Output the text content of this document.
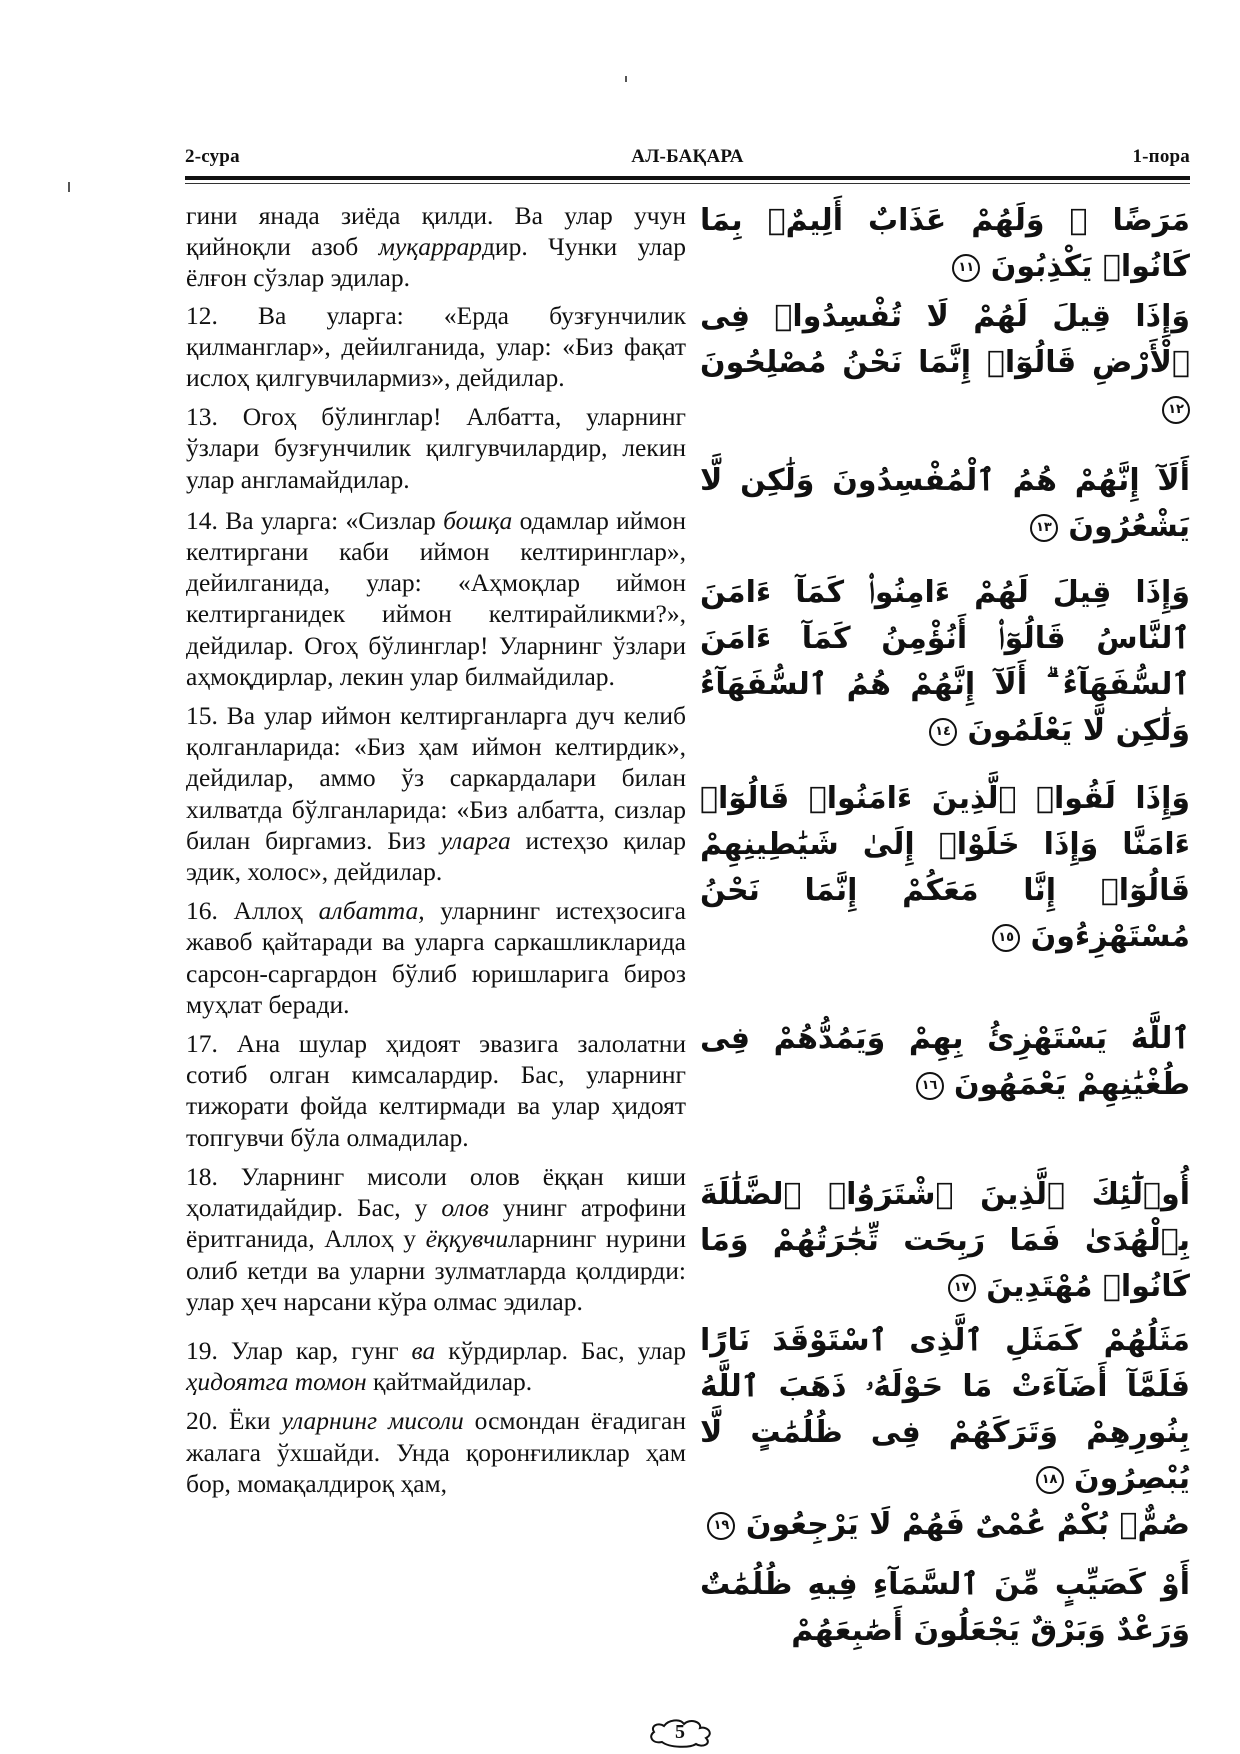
2-сура	АЛ-БАҚАРА	1-пора

гини янада зиёда қилди. Ва улар учун қийноқли азоб муқаррардир. Чунки улар ёлғон сўзлар эдилар.

12. Ва уларга: «Ерда бузғунчилик қилманглар», дейилганида, улар: «Биз фақат ислоҳ қилгувчилармиз», дейдилар.

13. Огоҳ бўлинглар! Албатта, уларнинг ўзлари бузғунчилик қилгувчилардир, лекин улар англамайдилар.

14. Ва уларга: «Сизлар бошқа одамлар иймон келтиргани каби иймон келтиринглар», дейилганида, улар: «Аҳмоқлар иймон келтирганидек иймон келтирайликми?», дейдилар. Огоҳ бўлинглар! Уларнинг ўзлари аҳмоқдирлар, лекин улар билмайдилар.

15. Ва улар иймон келтирганларга дуч келиб қолганларида: «Биз ҳам иймон келтирдик», дейдилар, аммо ўз саркардалари билан хилватда бўлганларида: «Биз албатта, сизлар билан биргамиз. Биз уларга истеҳзо қилар эдик, холос», дейдилар.

16. Аллоҳ албатта, уларнинг истеҳзосига жавоб қайтаради ва уларга саркашликларида сарсон-саргардон бўлиб юришларига бироз муҳлат беради.

17. Ана шулар ҳидоят эвазига залолатни сотиб олган кимсалардир. Бас, уларнинг тижорати фойда келтирмади ва улар ҳидоят топгувчи бўла олмадилар.

18. Уларнинг мисоли олов ёққан киши ҳолатидайдир. Бас, у олов унинг атрофини ёритганида, Аллоҳ у ёққувчиларнинг нурини олиб кетди ва уларни зулматларда қолдирди: улар ҳеч нарсани кўра олмас эдилар.

19. Улар кар, гунг ва кўрдирлар. Бас, улар ҳидоятга томон қайтмайдилар.

20. Ёки уларнинг мисоли осмондан ёғадиган жалага ўхшайди. Унда қоронғиликлар ҳам бор, момақалдироқ ҳам,

مَرَضًا ۖ وَلَهُمْ عَذَابٌ أَلِيمٌۢ بِمَا كَانُوا۟ يَكْذِبُونَ ١١

وَإِذَا قِيلَ لَهُمْ لَا تُفْسِدُوا۟ فِى ٱلْأَرْضِ قَالُوٓا۟ إِنَّمَا نَحْنُ مُصْلِحُونَ ١٢

أَلَآ إِنَّهُمْ هُمُ ٱلْمُفْسِدُونَ وَلَٰكِن لَّا يَشْعُرُونَ ١٣

وَإِذَا قِيلَ لَهُمْ ءَامِنُوا۟ كَمَآ ءَامَنَ ٱلنَّاسُ قَالُوٓا۟ أَنُؤْمِنُ كَمَآ ءَامَنَ ٱلسُّفَهَآءُ ۗ أَلَآ إِنَّهُمْ هُمُ ٱلسُّفَهَآءُ وَلَٰكِن لَّا يَعْلَمُونَ ١٤

وَإِذَا لَقُوا۟ ٱلَّذِينَ ءَامَنُوا۟ قَالُوٓا۟ ءَامَنَّا وَإِذَا خَلَوْا۟ إِلَىٰ شَيَٰطِينِهِمْ قَالُوٓا۟ إِنَّا مَعَكُمْ إِنَّمَا نَحْنُ مُسْتَهْزِءُونَ ١٥

ٱللَّهُ يَسْتَهْزِئُ بِهِمْ وَيَمُدُّهُمْ فِى طُغْيَٰنِهِمْ يَعْمَهُونَ ١٦

أُو۟لَٰٓئِكَ ٱلَّذِينَ ٱشْتَرَوُا۟ ٱلضَّلَٰلَةَ بِٱلْهُدَىٰ فَمَا رَبِحَت تِّجَٰرَتُهُمْ وَمَا كَانُوا۟ مُهْتَدِينَ ١٧

مَثَلُهُمْ كَمَثَلِ ٱلَّذِى ٱسْتَوْقَدَ نَارًا فَلَمَّآ أَضَآءَتْ مَا حَوْلَهُۥ ذَهَبَ ٱللَّهُ بِنُورِهِمْ وَتَرَكَهُمْ فِى ظُلُمَٰتٍ لَّا يُبْصِرُونَ ١٨

صُمٌّۢ بُكْمٌ عُمْىٌ فَهُمْ لَا يَرْجِعُونَ ١٩

أَوْ كَصَيِّبٍ مِّنَ ٱلسَّمَآءِ فِيهِ ظُلُمَٰتٌ وَرَعْدٌ وَبَرْقٌ يَجْعَلُونَ أَصَٰبِعَهُمْ

5
